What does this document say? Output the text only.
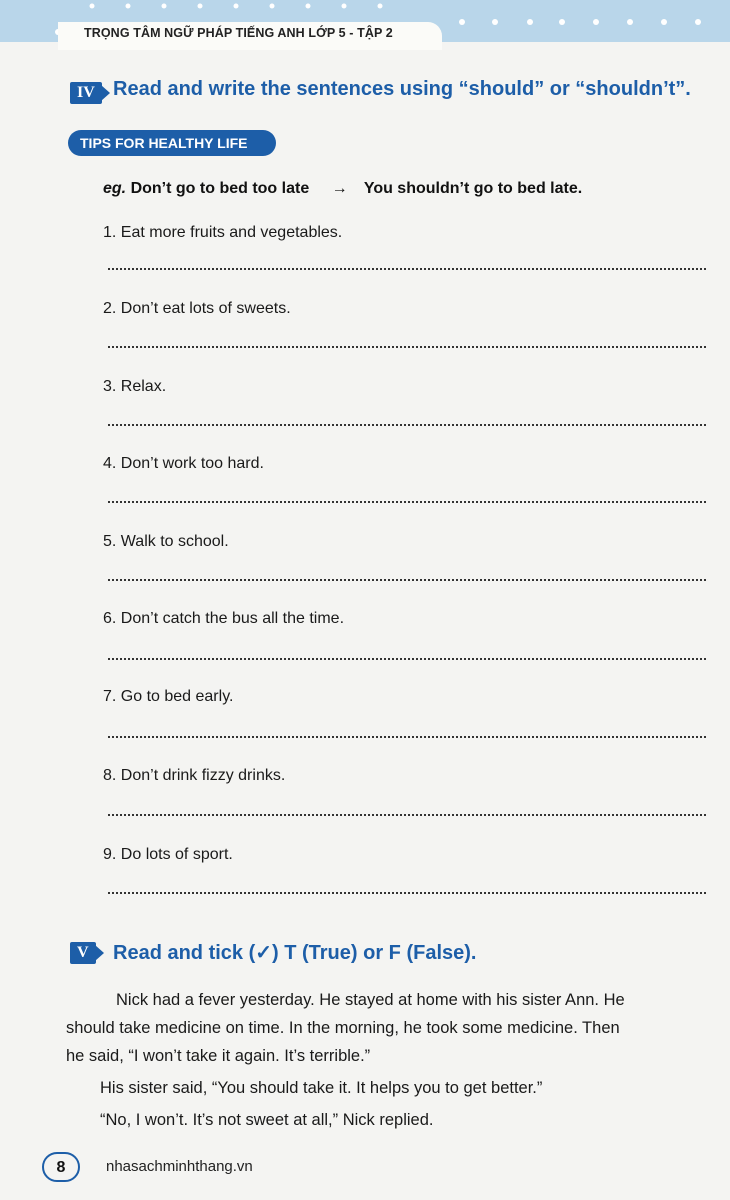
TRỌNG TÂM NGỮ PHÁP TIẾNG ANH LỚP 5 - TẬP 2
IV Read and write the sentences using “should” or “shouldn’t”.
TIPS FOR HEALTHY LIFE
eg. Don’t go to bed too late → You shouldn’t go to bed late.
1. Eat more fruits and vegetables.
2. Don’t eat lots of sweets.
3. Relax.
4. Don’t work too hard.
5. Walk to school.
6. Don’t catch the bus all the time.
7. Go to bed early.
8. Don’t drink fizzy drinks.
9. Do lots of sport.
V	Read and tick (✓) T (True) or F (False).
Nick had a fever yesterday. He stayed at home with his sister Ann. He
should take medicine on time. In the morning, he took some medicine. Then
he said, “I won’t take it again. It’s terrible.”
His sister said, “You should take it. It helps you to get better.”
“No, I won’t. It’s not sweet at all,” Nick replied.
8	nhasachminhthang.vn
